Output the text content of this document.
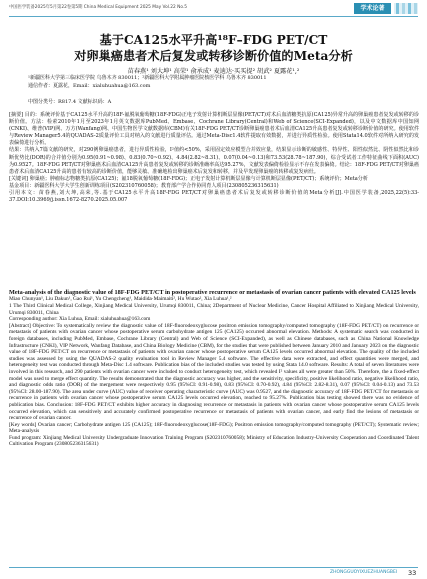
中国医学装备2025年5月第22卷第5期 China Medical Equipment 2025 May Vol.22 No.5	学术论著
基于CA125水平升高¹⁸F–FDG PET/CT
对卵巢癌患者术后复发或转移诊断价值的Meta分析
苗春燕¹ 刘大坤¹ 高荣¹ 俞承成¹ 麦迪达·买买提² 胡武² 夏露花¹,²
¹新疆医科大学第三临床医学院 乌鲁木齐 830011；²新疆医科大学附属肿瘤医院核医学科 乌鲁木齐 830011
通信作者：夏露花，Email：xialuhuahua@163.com
中图分类号：R817.4 文献标识码：A

[摘要] 目的：系统评价基于CA125水平升高的18F-氟脱氧葡萄糖(18F-FDG)正电子发射计算机断层显像(PET/CT)对术后血清糖类抗原(CA125)异常升高的卵巢癌患者复发或转移的诊断价值。方法：检索2010年1月至2023年1月英文数据库PubMed、Embase、Cochrane Library(Central)和Web of Science(SCI-Expanded)，以及中文数据库中国知网(CNKI)、维普(VIP)网、万方(Wanfang)网、中国生物医学文献数据库(CBM)有关18F-FDG PET/CT诊断卵巢癌患者术后血清CA125升高患者复发或转移诊断价值的研究。使用软件与Review Manager5.4的QUADAS-2质量评价工具对纳入的文献进行质量评估。通过Meta-Disc1.4软件提取有效数据，并进行异质性检验。使用Stata14.0软件对所纳入研究的发表偏倚进行分析。

结果：共纳入7篇文献的研究，对290例卵巢癌患者，进行异质性检验，I²值约<50%，采用固定效应模型合并效应量，结果显示诊断的敏感性、特异性、阳性似然比、阴性似然比和诊断优势比(DOR)的合并值分别为0.95(0.91~0.98)、0.83(0.70~0.92)、4.84(2.82~8.31)、0.07(0.04~0.13)和73.53(28.78~187.90)，综合受试者工作特征曲线下面积(AUC)为0.9527。18F-FDG PET/CT对卵巢癌术后血清CA125升高患者复发或转移的诊断准确率高达95.27%，文献发表偏倚检验显示不存在发表偏倚。结论：18F-FDG PET/CT对卵巢癌患者术后血清CA125升高的患者有较高的诊断价值，能够灵敏、准确地检出卵巢癌术后复发和转移，并及早发现卵巢癌的转移或复发病灶。

[关键词] 卵巢癌；肿瘤标志物糖类抗原(CA125)；氟18脱氧葡萄糖(18F-FDG)；正电子发射计算机断层显像与计算机断层显像(PET/CT)；系统评价；Meta分析

基金项目：新疆医科大学大学生创新训练项目(S202310760058)；教育部产学合作协同育人项目(230805236315631)

引用本文：苗春燕,刘大坤,高荣,等.基于CA125水平升高18F-FDG PET/CT对卵巢癌患者术后复发或转移诊断价值的Meta分析[J].中国医学装备,2025,22(5):33-37.DOI:10.3969/j.issn.1672-8270.2025.05.007

Meta-analysis of the diagnostic value of 18F-FDG PET/CT in postoperative recurrence or metastasis of ovarian cancer patients with elevated CA125 levels

Miao Chunyan¹, Liu Dakun¹, Gao Rui¹, Yu Chengcheng¹, Maidida·Maimaiti², Hu Wutao², Xia Luhua¹,²

1 The Third Clinical Medical College, Xinjiang Medical University, Urumqi 830011, China; 2Department of Nuclear Medicine, Cancer Hospital Affiliated to Xinjiang Medical University, Urumqi 830011, China

Corresponding author: Xia Luhua, Email: xialuhuahua@163.com

[Abstract] Objective: To systematically review the diagnostic value of 18F-fluorodeoxyglucose positron emission tomography/computed tomography (18F-FDG PET/CT) on recurrence or metastasis of patients with ovarian cancer whose postoperative serum carbohydrate antigen 125 (CA125) occurred abnormal elevation. Methods: A systematic search was conducted in foreign databases, including PubMed, Embase, Cochrane Library (Central) and Web of Science (SCI-Expanded), as well as Chinese databases, such as China National Knowledge Infrastructure (CNKI), VIP Network, Wanfang Database, and China Biology Medicine (CBM), for the studies that were published between January 2010 and January 2023 on the diagnostic value of 18F-FDG PET/CT on recurrence or metastasis of patients with ovarian cancer whose postoperative serum CA125 levels occurred abnormal elevation. The quality of the included studies was assessed by using the QUADAS-2 quality evaluation tool in Review Manager 5.4 software. The effective data were extracted, and effect quantities were merged, and heterogeneity test was conducted through Meta-Disc 1.4 software. Publication bias of the included studies was tested by using Stata 14.0 software. Results: A total of seven literatures were involved in this research, and 290 patients with ovarian cancer were included to conduct heterogeneity test, which revealed I² values all were greater than 50%. Therefore, the a fixed-effect model was used to merge effect quantity. The results demonstrated that the diagnostic accuracy was higher, and the sensitivity, specificity, positive likelihood ratio, negative likelihood ratio, and diagnostic odds ratio (DOR) of the mergement were respectively 0.95 (95%CI: 0.91-0.98), 0.83 (95%CI: 0.70-0.92), 4.84 (95%CI: 2.82-8.31), 0.07 (95%CI: 0.04-0.13) and 73.53 (95%CI: 28.00-187.90). The area under curve (AUC) value of receiver operating characteristic curve (AUC) was 0.9527, and the diagnostic accuracy of 18F-FDG PET/CT for metastasis or recurrence in patients with ovarian cancer whose postoperative serum CA125 levels occurred elevation, reached to 95.27%. Publication bias testing showed there was no evidence of publication bias. Conclusion: 18F-FDG PET/CT exhibits higher accuracy in diagnosing recurrence or metastasis in patients with ovarian cancer whose postoperative serum CA125 levels occurred elevation, which can sensitively and accurately confirmed postoperative recurrence or metastasis of patients with ovarian cancer, and early find the lesions of metastasis or recurrence of ovarian cancer.

[Key words] Ovarian cancer; Carbohydrate antigen 125 (CA125); 18F-fluorodeoxyglucose(18F-FDG); Positron emission tomography/computed tomography (PET/CT); Systematic review; Meta-analysis

Fund program: Xinjiang Medical University Undergraduate Innovation Training Program (S202310760058); Ministry of Education Industry-University Cooperation and Coordinated Talent Cultivation Program (230805236315631)

ZHONGGUOYIXUEZHUANGBEI 33
